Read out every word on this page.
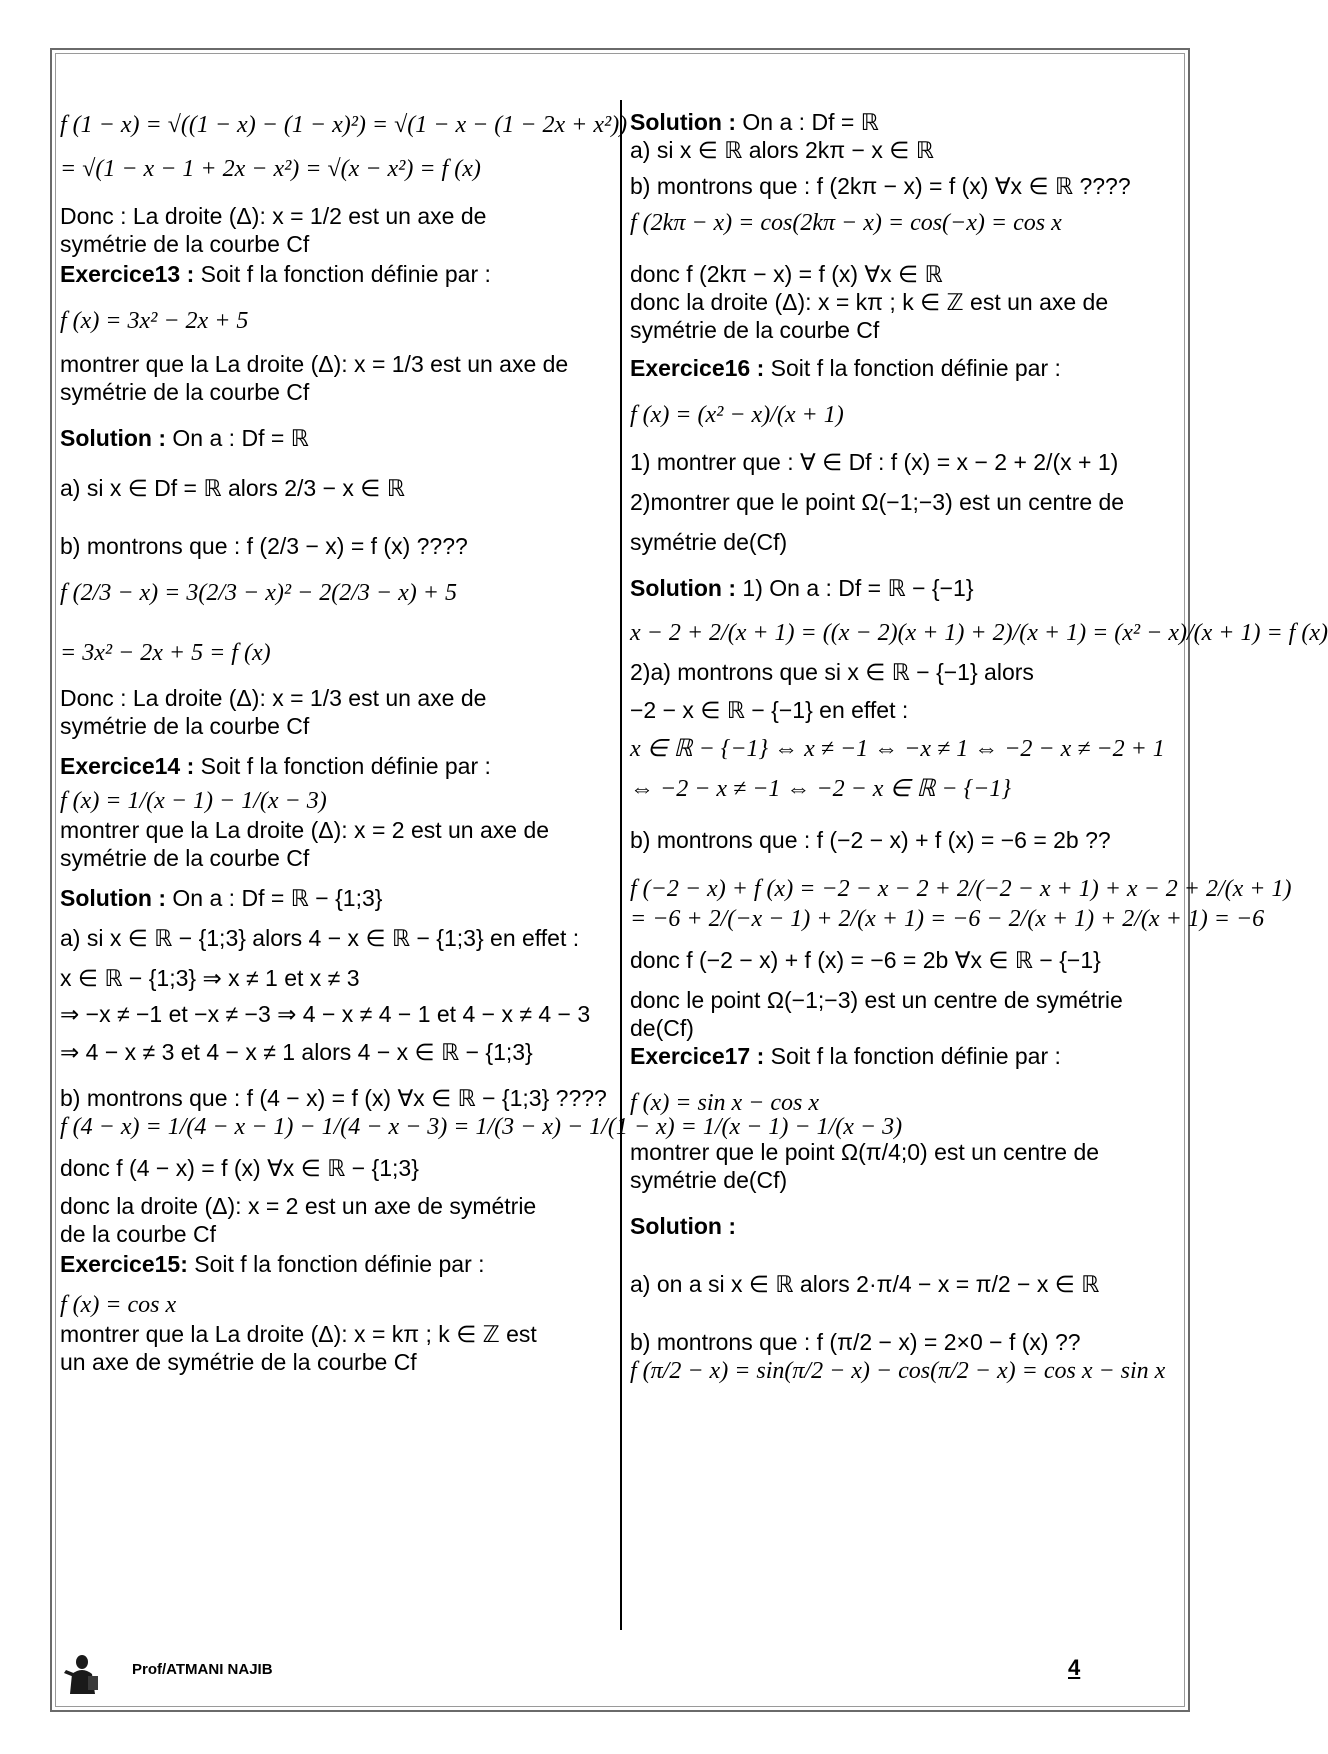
f (1 − x) = √((1 − x) − (1 − x)²) = √(1 − x − (1 − 2x + x²))

= √(1 − x − 1 + 2x − x²) = √(x − x²) = f (x)

Donc : La droite (Δ): x = 1/2 est un axe de

symétrie de la courbe Cf

Exercice13 : Soit f la fonction définie par :

f (x) = 3x² − 2x + 5

montrer que la La droite (Δ): x = 1/3 est un axe de

symétrie de la courbe Cf

Solution : On a : Df = ℝ

a) si x ∈ Df = ℝ alors 2/3 − x ∈ ℝ

b) montrons que : f (2/3 − x) = f (x) ????

f (2/3 − x) = 3(2/3 − x)² − 2(2/3 − x) + 5

= 3x² − 2x + 5 = f (x)

Donc : La droite (Δ): x = 1/3 est un axe de

symétrie de la courbe Cf

Exercice14 : Soit f la fonction définie par :

f (x) = 1/(x − 1) − 1/(x − 3)

montrer que la La droite (Δ): x = 2 est un axe de

symétrie de la courbe Cf

Solution : On a : Df = ℝ − {1;3}

a) si x ∈ ℝ − {1;3} alors 4 − x ∈ ℝ − {1;3} en effet :

x ∈ ℝ − {1;3} ⇒ x ≠ 1 et x ≠ 3

⇒ −x ≠ −1 et −x ≠ −3 ⇒ 4 − x ≠ 4 − 1 et 4 − x ≠ 4 − 3

⇒ 4 − x ≠ 3 et 4 − x ≠ 1 alors 4 − x ∈ ℝ − {1;3}

b) montrons que : f (4 − x) = f (x) ∀x ∈ ℝ − {1;3} ????

f (4 − x) = 1/(4 − x − 1) − 1/(4 − x − 3) = 1/(3 − x) − 1/(1 − x) = 1/(x − 1) − 1/(x − 3)

donc f (4 − x) = f (x) ∀x ∈ ℝ − {1;3}

donc la droite (Δ): x = 2 est un axe de symétrie

de la courbe Cf

Exercice15: Soit f la fonction définie par :

f (x) = cos x

montrer que la La droite (Δ): x = kπ ; k ∈ ℤ est

un axe de symétrie de la courbe Cf

Solution : On a : Df = ℝ

a) si x ∈ ℝ alors 2kπ − x ∈ ℝ

b) montrons que : f (2kπ − x) = f (x) ∀x ∈ ℝ ????

f (2kπ − x) = cos(2kπ − x) = cos(−x) = cos x

donc f (2kπ − x) = f (x) ∀x ∈ ℝ

donc la droite (Δ): x = kπ ; k ∈ ℤ est un axe de

symétrie de la courbe Cf

Exercice16 : Soit f la fonction définie par :

f (x) = (x² − x)/(x + 1)

1) montrer que : ∀ ∈ Df : f (x) = x − 2 + 2/(x + 1)

2)montrer que le point Ω(−1;−3) est un centre de

symétrie de(Cf)

Solution : 1) On a : Df = ℝ − {−1}

x − 2 + 2/(x + 1) = ((x − 2)(x + 1) + 2)/(x + 1) = (x² − x)/(x + 1) = f (x)

2)a) montrons que si x ∈ ℝ − {−1} alors

−2 − x ∈ ℝ − {−1} en effet :

x ∈ ℝ − {−1} ⇔ x ≠ −1 ⇔ −x ≠ 1 ⇔ −2 − x ≠ −2 + 1

⇔ −2 − x ≠ −1 ⇔ −2 − x ∈ ℝ − {−1}

b) montrons que : f (−2 − x) + f (x) = −6 = 2b ??

f (−2 − x) + f (x) = −2 − x − 2 + 2/(−2 − x + 1) + x − 2 + 2/(x + 1)

= −6 + 2/(−x − 1) + 2/(x + 1) = −6 − 2/(x + 1) + 2/(x + 1) = −6

donc f (−2 − x) + f (x) = −6 = 2b ∀x ∈ ℝ − {−1}

donc le point Ω(−1;−3) est un centre de symétrie

de(Cf)

Exercice17 : Soit f la fonction définie par :

f (x) = sin x − cos x

montrer que le point Ω(π/4;0) est un centre de

symétrie de(Cf)

Solution :

a) on a si x ∈ ℝ alors 2·π/4 − x = π/2 − x ∈ ℝ

b) montrons que : f (π/2 − x) = 2×0 − f (x) ??

f (π/2 − x) = sin(π/2 − x) − cos(π/2 − x) = cos x − sin x

Prof/ATMANI NAJIB	4
